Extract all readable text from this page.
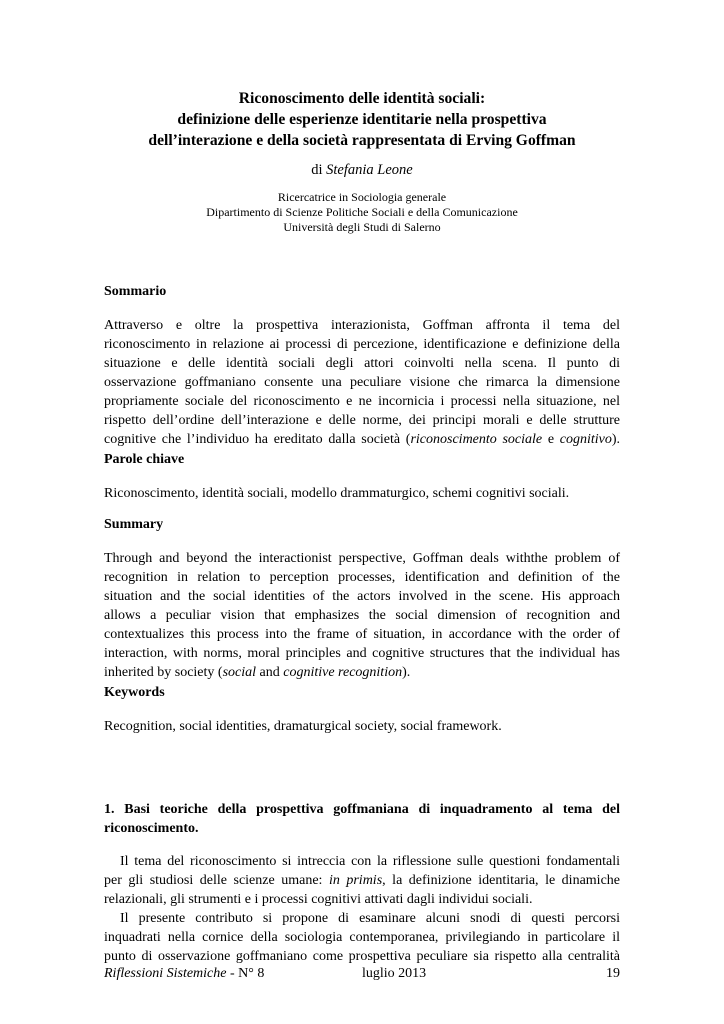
Riconoscimento delle identità sociali:
definizione delle esperienze identitarie nella prospettiva
dell’interazione e della società rappresentata di Erving Goffman
di Stefania Leone
Ricercatrice in Sociologia generale
Dipartimento di Scienze Politiche Sociali e della Comunicazione
Università degli Studi di Salerno
Sommario
Attraverso e oltre la prospettiva interazionista, Goffman affronta il tema del
riconoscimento in relazione ai processi di percezione, identificazione e definizione della
situazione e delle identità sociali degli attori coinvolti nella scena. Il punto di
osservazione goffmaniano consente una peculiare visione che rimarca la dimensione
propriamente sociale del riconoscimento e ne incornicia i processi nella situazione, nel
rispetto dell’ordine dell’interazione e delle norme, dei principi morali e delle strutture
cognitive che l’individuo ha ereditato dalla società (riconoscimento sociale e cognitivo).
Parole chiave
Riconoscimento, identità sociali, modello drammaturgico, schemi cognitivi sociali.
Summary
Through and beyond the interactionist perspective, Goffman deals withthe problem of
recognition in relation to perception processes, identification and definition of the
situation and the social identities of the actors involved in the scene. His approach
allows a peculiar vision that emphasizes the social dimension of recognition and
contextualizes this process into the frame of situation, in accordance with the order of
interaction, with norms, moral principles and cognitive structures that the individual has
inherited by society (social and cognitive recognition).
Keywords
Recognition, social identities, dramaturgical society, social framework.
1. Basi teoriche della prospettiva goffmaniana di inquadramento al tema del
riconoscimento.
Il tema del riconoscimento si intreccia con la riflessione sulle questioni fondamentali
per gli studiosi delle scienze umane: in primis, la definizione identitaria, le dinamiche
relazionali, gli strumenti e i processi cognitivi attivati dagli individui sociali.
Il presente contributo si propone di esaminare alcuni snodi di questi percorsi
inquadrati nella cornice della sociologia contemporanea, privilegiando in particolare il
punto di osservazione goffmaniano come prospettiva peculiare sia rispetto alla centralità
Riflessioni Sistemiche - N° 8	luglio 2013	19
